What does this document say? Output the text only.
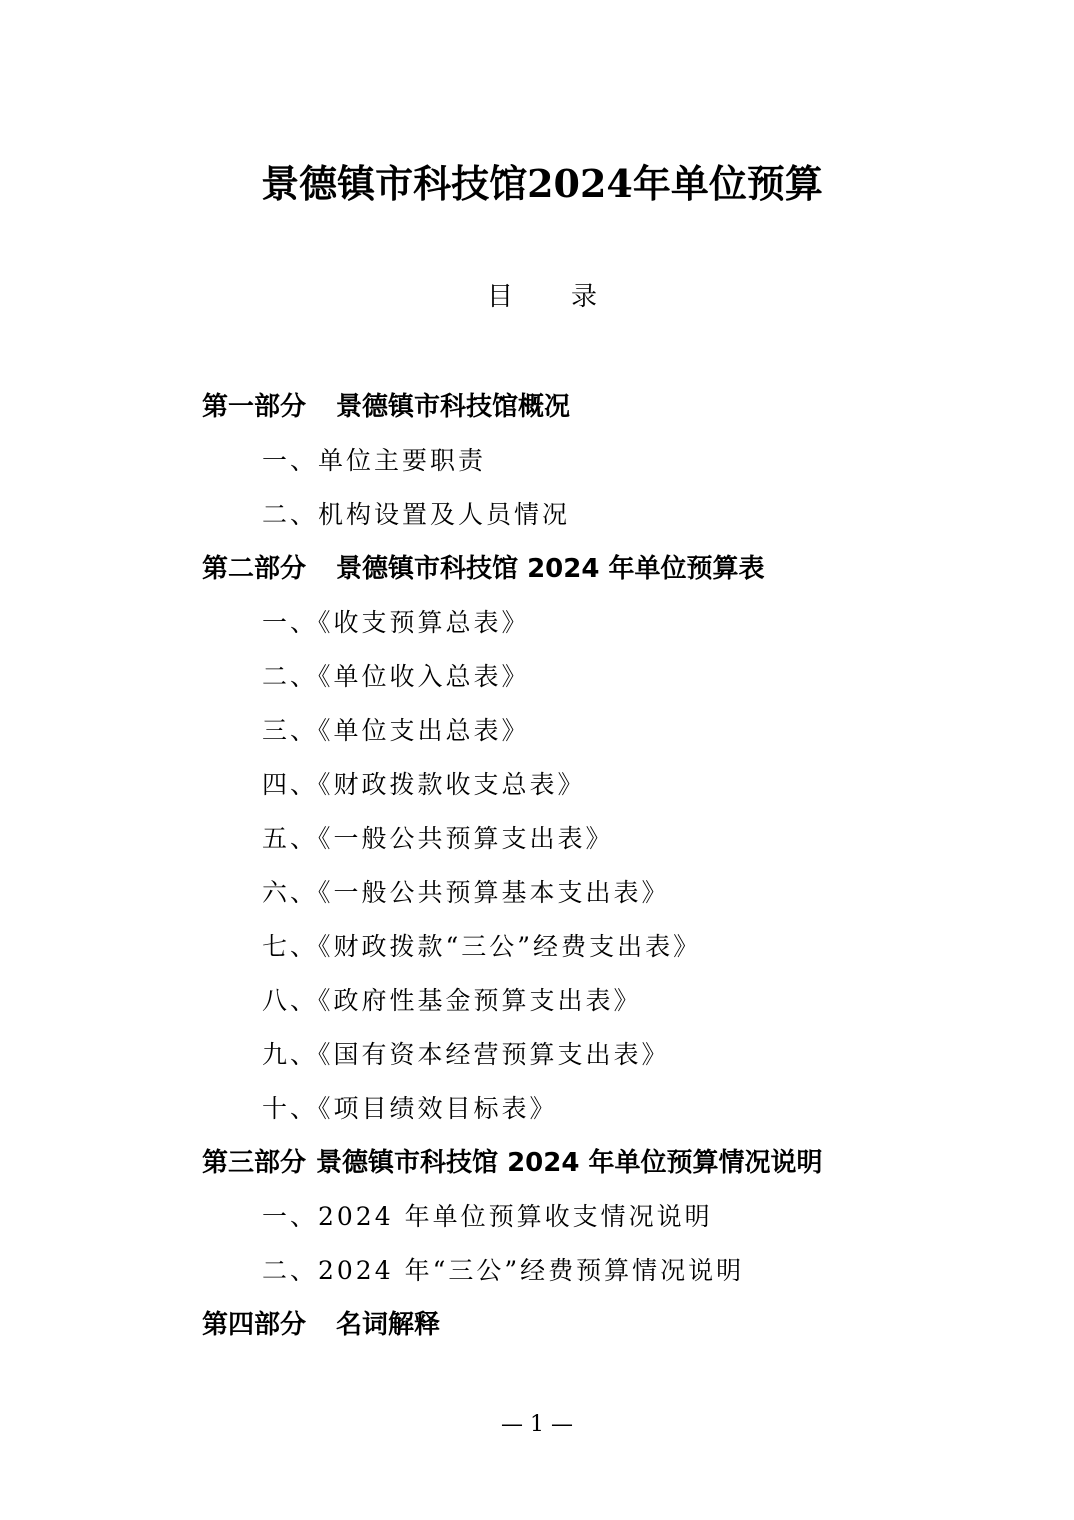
景德镇市科技馆2024年单位预算
目录
第一部分 景德镇市科技馆概况
一、单位主要职责
二、机构设置及人员情况
第二部分 景德镇市科技馆 2024 年单位预算表
一、《收支预算总表》
二、《单位收入总表》
三、《单位支出总表》
四、《财政拨款收支总表》
五、《一般公共预算支出表》
六、《一般公共预算基本支出表》
七、《财政拨款“三公”经费支出表》
八、《政府性基金预算支出表》
九、《国有资本经营预算支出表》
十、《项目绩效目标表》
第三部分 景德镇市科技馆 2024 年单位预算情况说明
一、2024 年单位预算收支情况说明
二、2024 年“三公”经费预算情况说明
第四部分 名词解释
— 1 —
